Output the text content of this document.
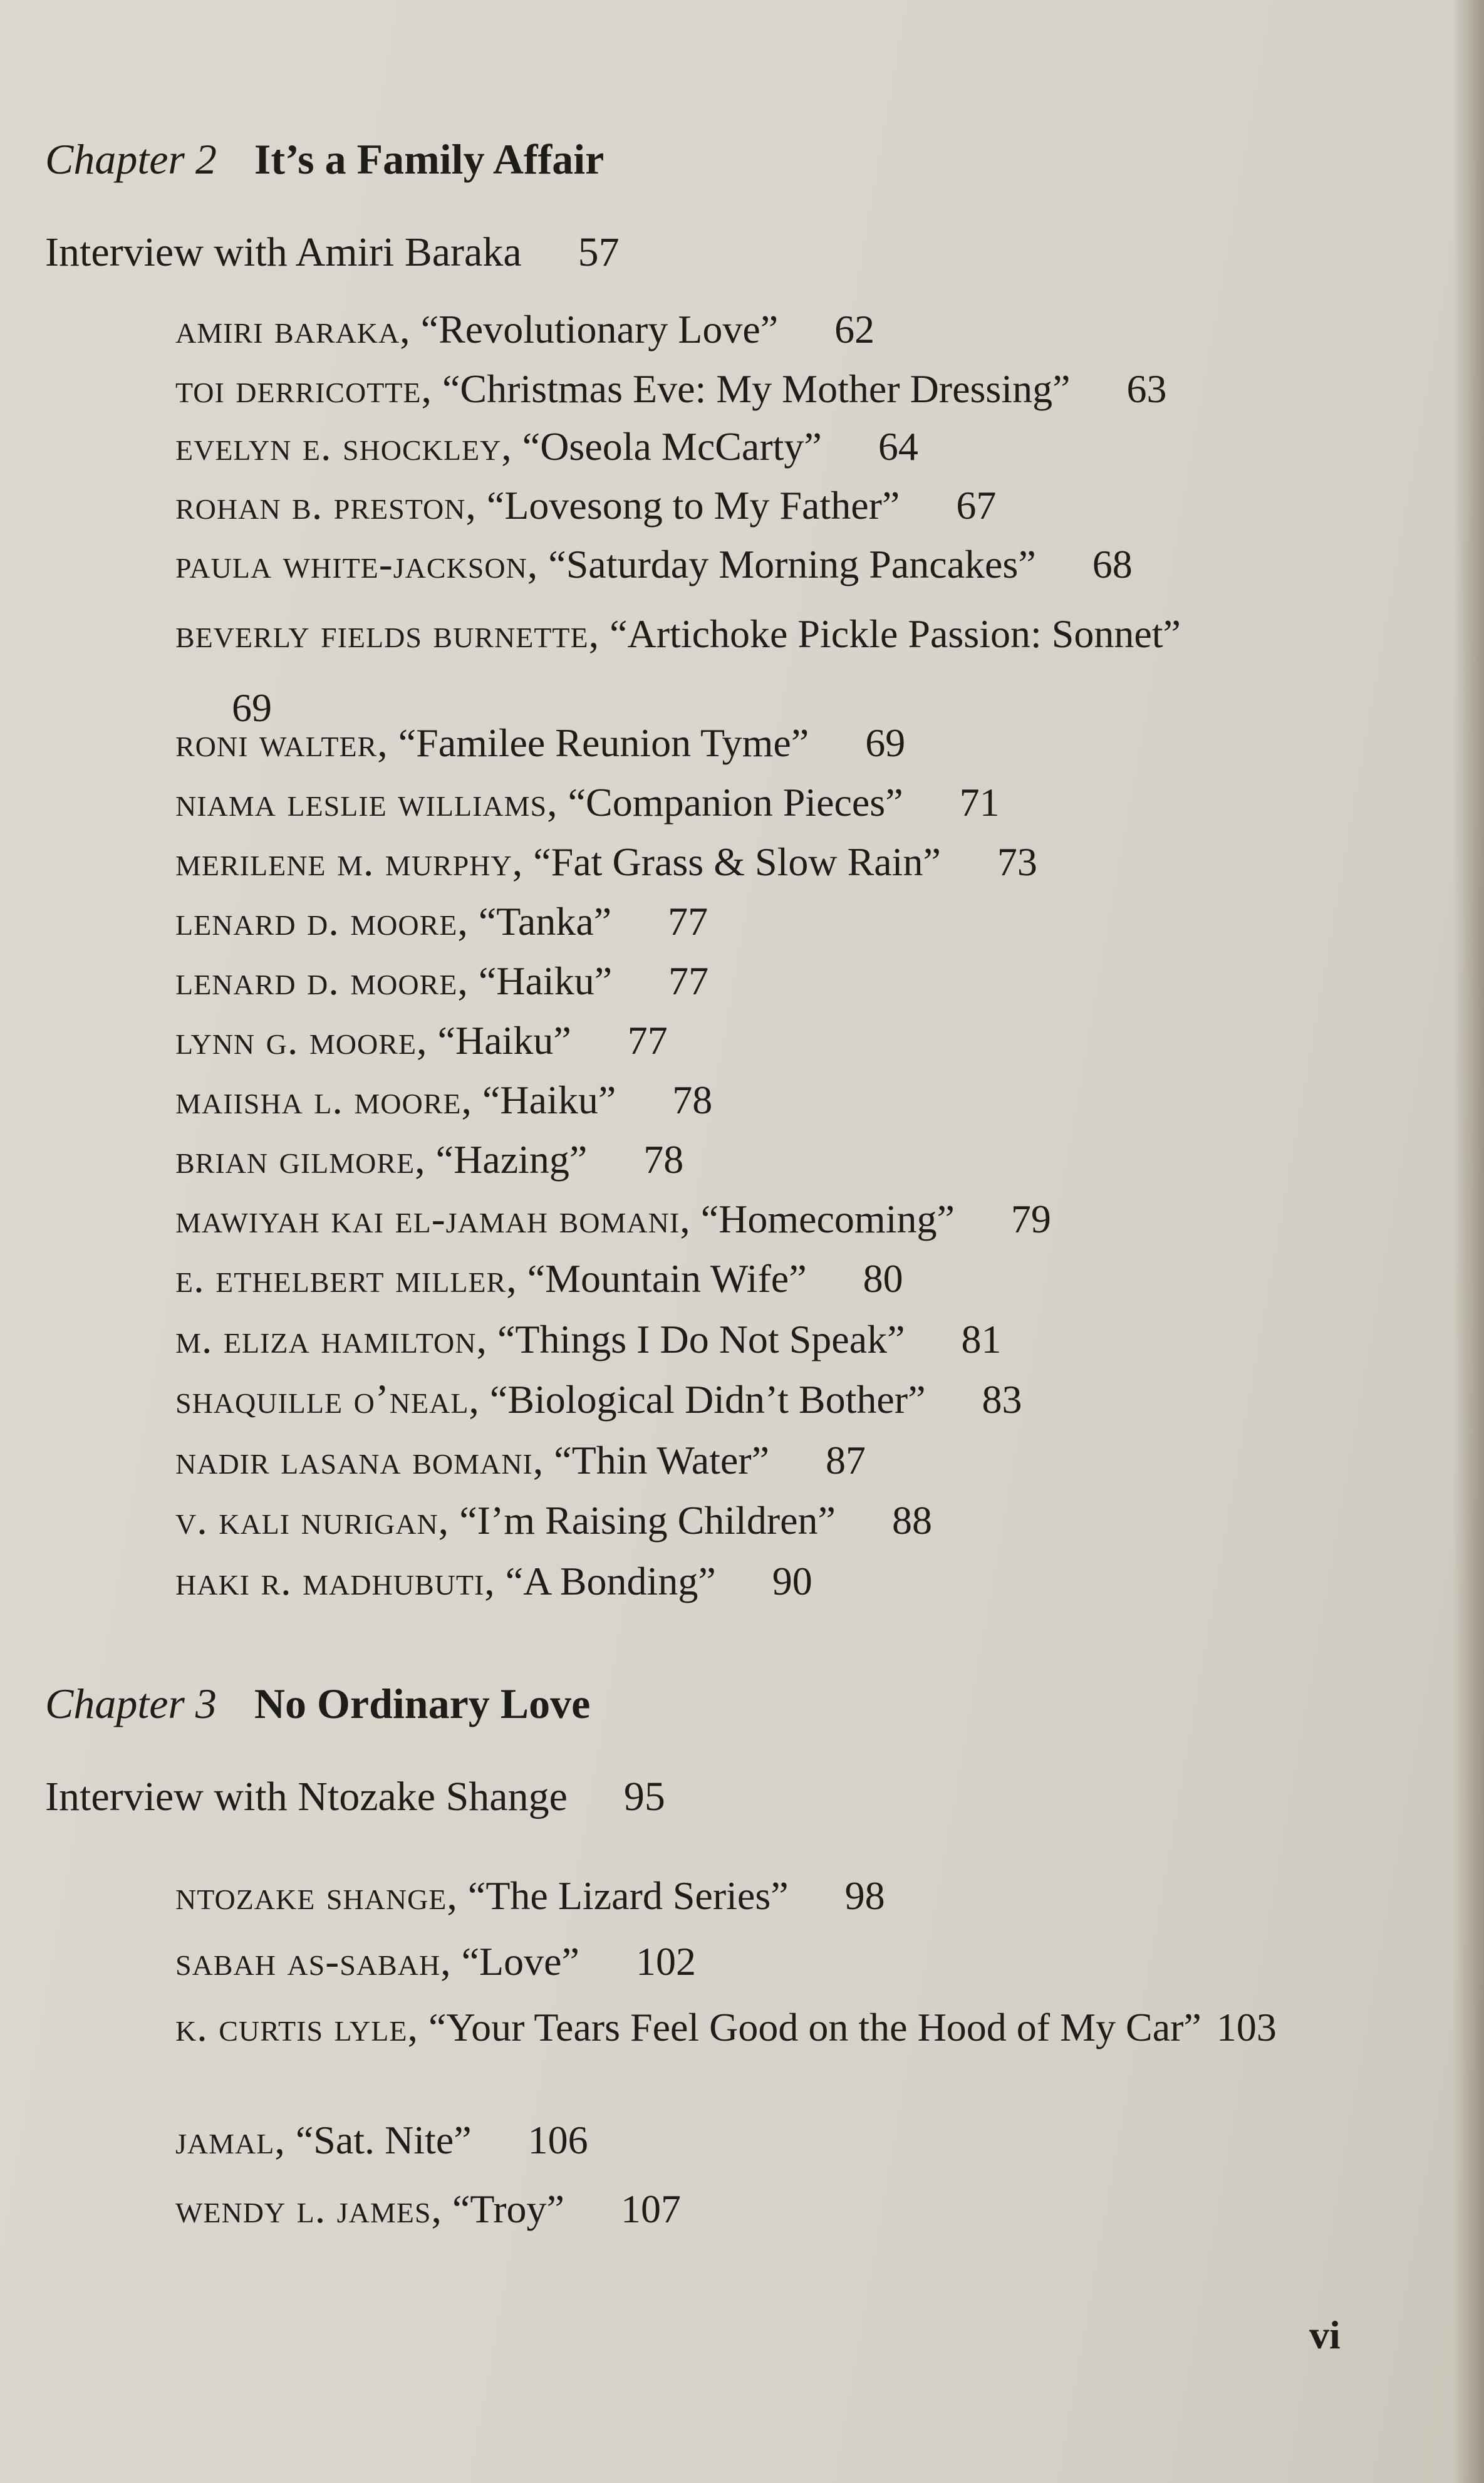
Chapter 2 It’s a Family Affair
Interview with Amiri Baraka 57
amiri baraka, “Revolutionary Love” 62
toi derricotte, “Christmas Eve: My Mother Dressing” 63
evelyn e. shockley, “Oseola McCarty” 64
rohan b. preston, “Lovesong to My Father” 67
paula white-jackson, “Saturday Morning Pancakes” 68
beverly fields burnette, “Artichoke Pickle Passion: Sonnet”69
roni walter, “Familee Reunion Tyme” 69
niama leslie williams, “Companion Pieces” 71
merilene m. murphy, “Fat Grass & Slow Rain” 73
lenard d. moore, “Tanka” 77
lenard d. moore, “Haiku” 77
lynn g. moore, “Haiku” 77
maiisha l. moore, “Haiku” 78
brian gilmore, “Hazing” 78
mawiyah kai el-jamah bomani, “Homecoming” 79
e. ethelbert miller, “Mountain Wife” 80
m. eliza hamilton, “Things I Do Not Speak” 81
shaquille o’neal, “Biological Didn’t Bother” 83
nadir lasana bomani, “Thin Water” 87
v. kali nurigan, “I’m Raising Children” 88
haki r. madhubuti, “A Bonding” 90
Chapter 3 No Ordinary Love
Interview with Ntozake Shange 95
ntozake shange, “The Lizard Series” 98
sabah as-sabah, “Love” 102
k. curtis lyle, “Your Tears Feel Good on the Hood of My Car” 103
jamal, “Sat. Nite” 106
wendy l. james, “Troy” 107
vi
